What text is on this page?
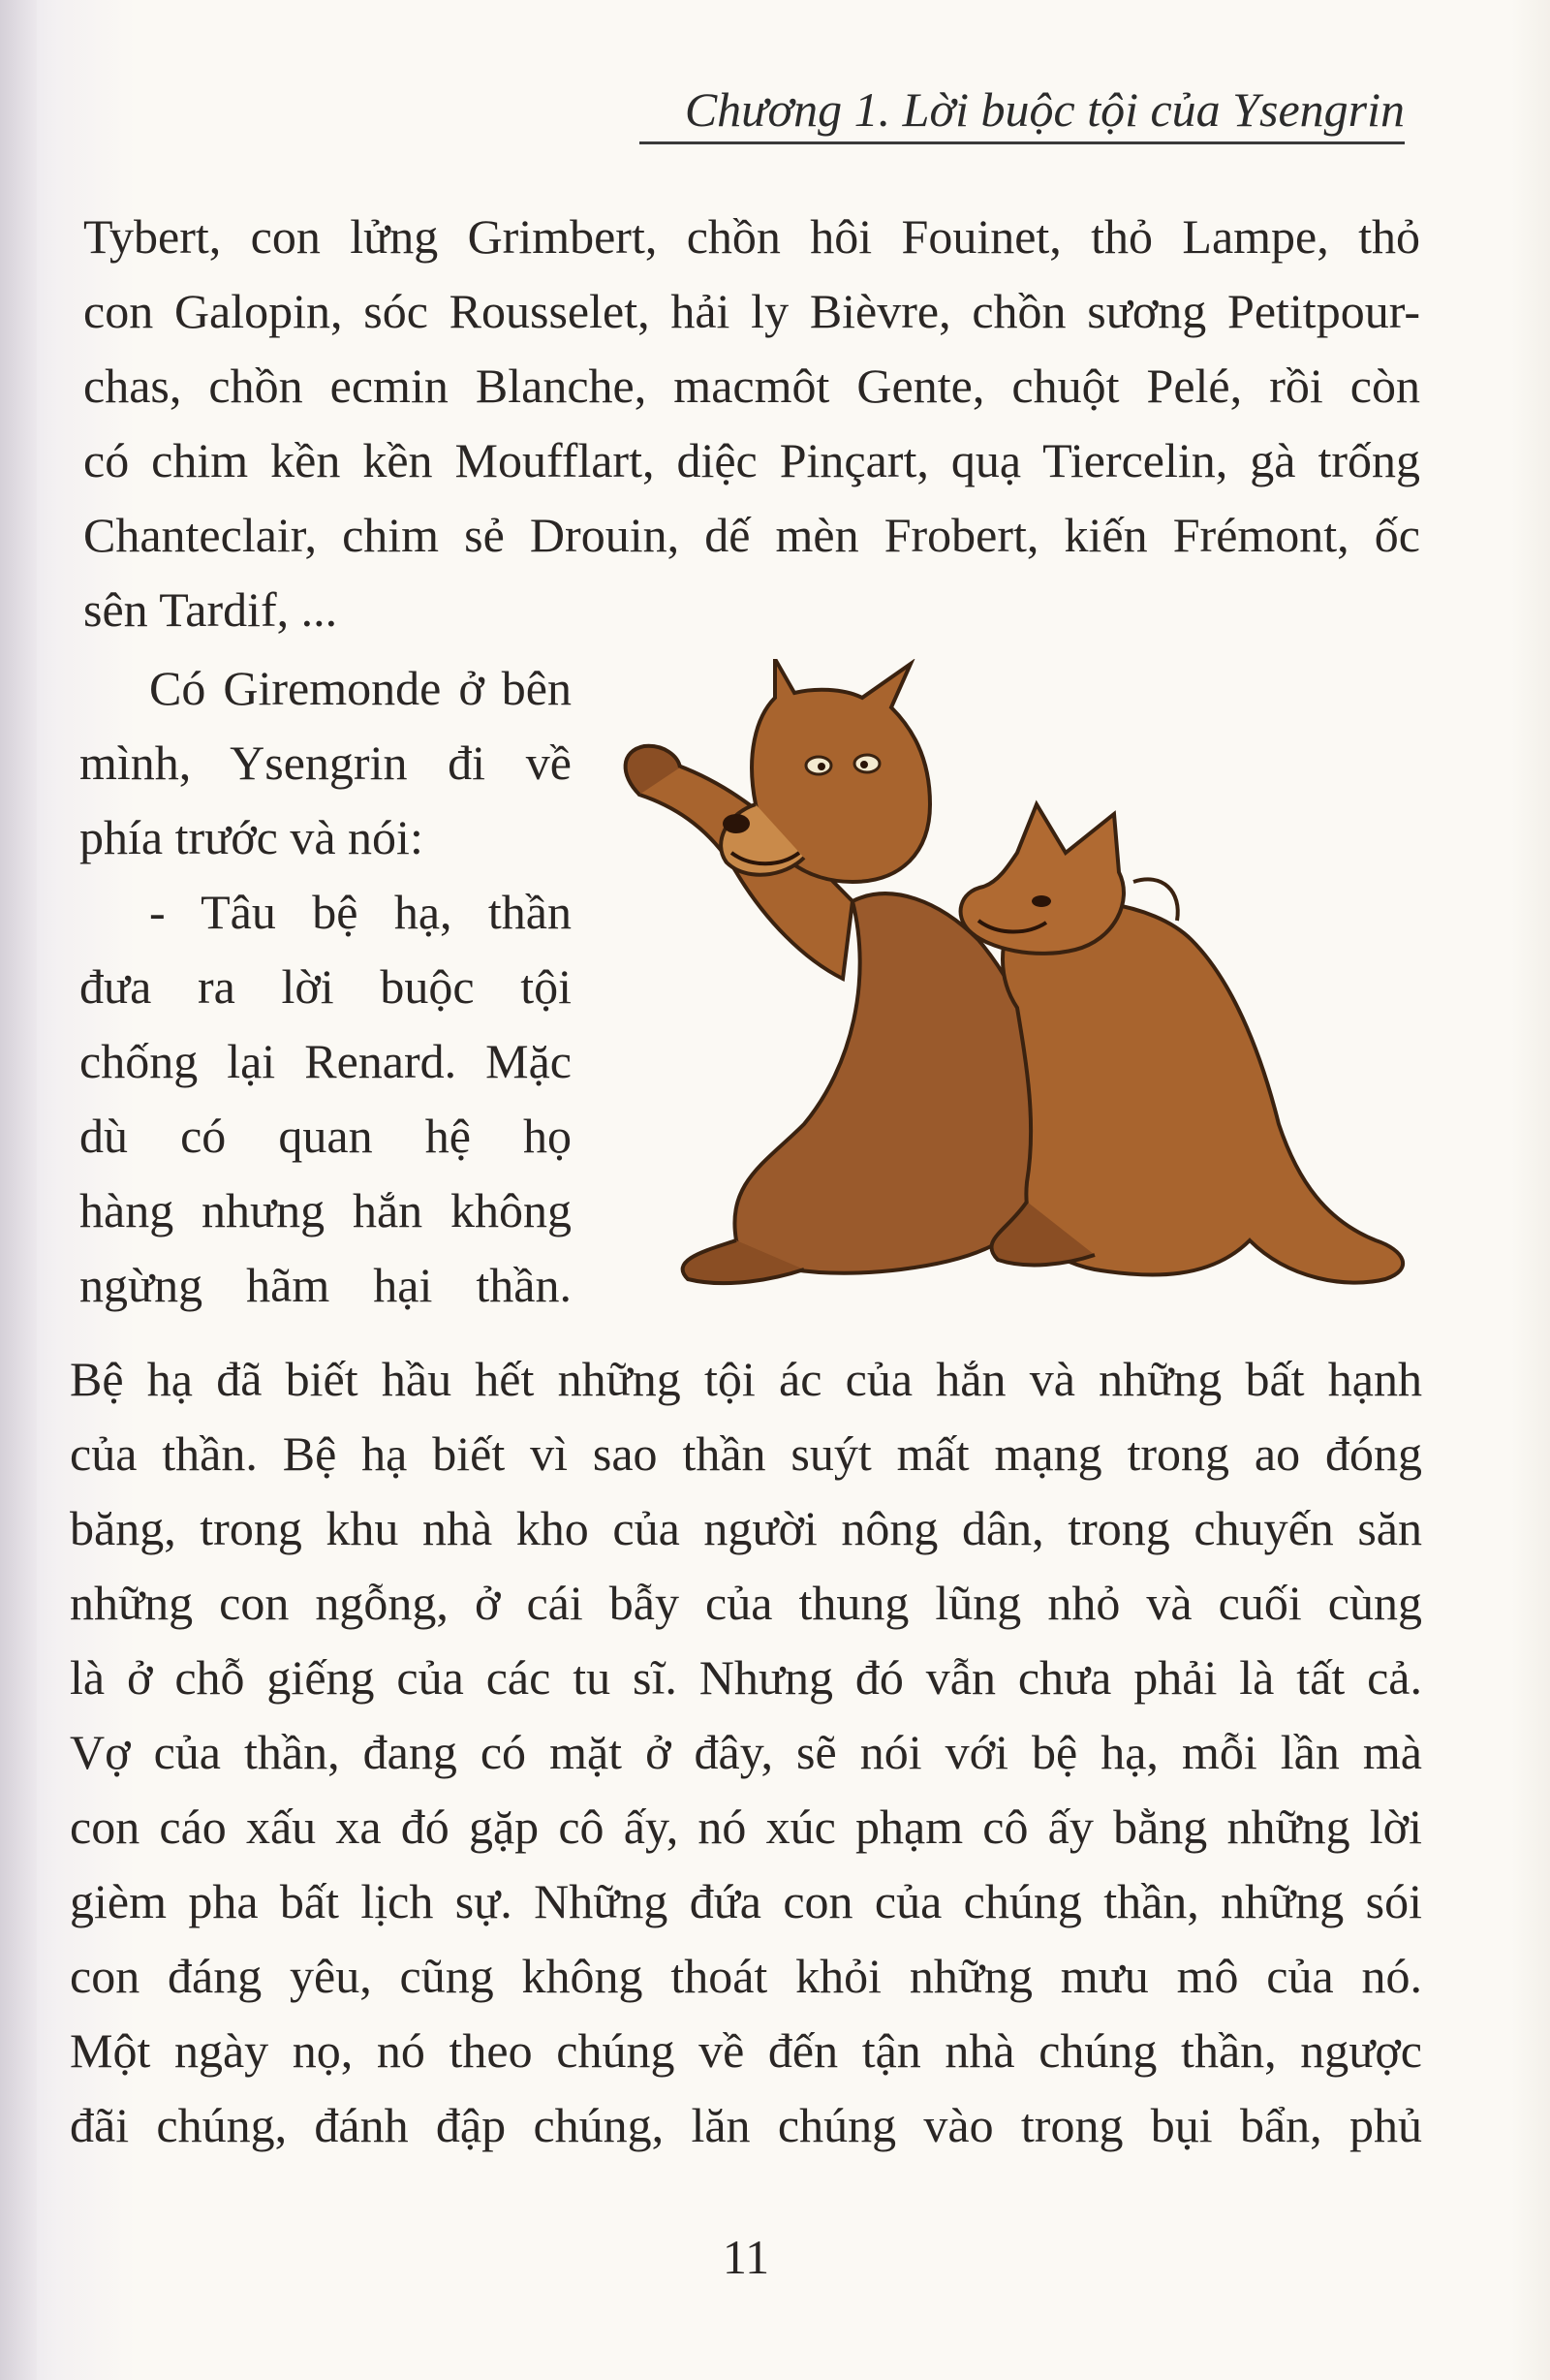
Chương 1. Lời buộc tội của Ysengrin
Tybert, con lửng Grimbert, chồn hôi Fouinet, thỏ Lampe, thỏ
con Galopin, sóc Rousselet, hải ly Bièvre, chồn sương Petitpour-
chas, chồn ecmin Blanche, macmôt Gente, chuột Pelé, rồi còn
có chim kền kền Moufflart, diệc Pinçart, quạ Tiercelin, gà trống
Chanteclair, chim sẻ Drouin, dế mèn Frobert, kiến Frémont, ốc
sên Tardif, ...
Có Giremonde ở bên
mình, Ysengrin đi về
phía trước và nói:
- Tâu bệ hạ, thần
đưa ra lời buộc tội
chống lại Renard. Mặc
dù có quan hệ họ
hàng nhưng hắn không
ngừng hãm hại thần.
Bệ hạ đã biết hầu hết những tội ác của hắn và những bất hạnh
của thần. Bệ hạ biết vì sao thần suýt mất mạng trong ao đóng
băng, trong khu nhà kho của người nông dân, trong chuyến săn
những con ngỗng, ở cái bẫy của thung lũng nhỏ và cuối cùng
là ở chỗ giếng của các tu sĩ. Nhưng đó vẫn chưa phải là tất cả.
Vợ của thần, đang có mặt ở đây, sẽ nói với bệ hạ, mỗi lần mà
con cáo xấu xa đó gặp cô ấy, nó xúc phạm cô ấy bằng những lời
gièm pha bất lịch sự. Những đứa con của chúng thần, những sói
con đáng yêu, cũng không thoát khỏi những mưu mô của nó.
Một ngày nọ, nó theo chúng về đến tận nhà chúng thần, ngược
đãi chúng, đánh đập chúng, lăn chúng vào trong bụi bẩn, phủ
11
